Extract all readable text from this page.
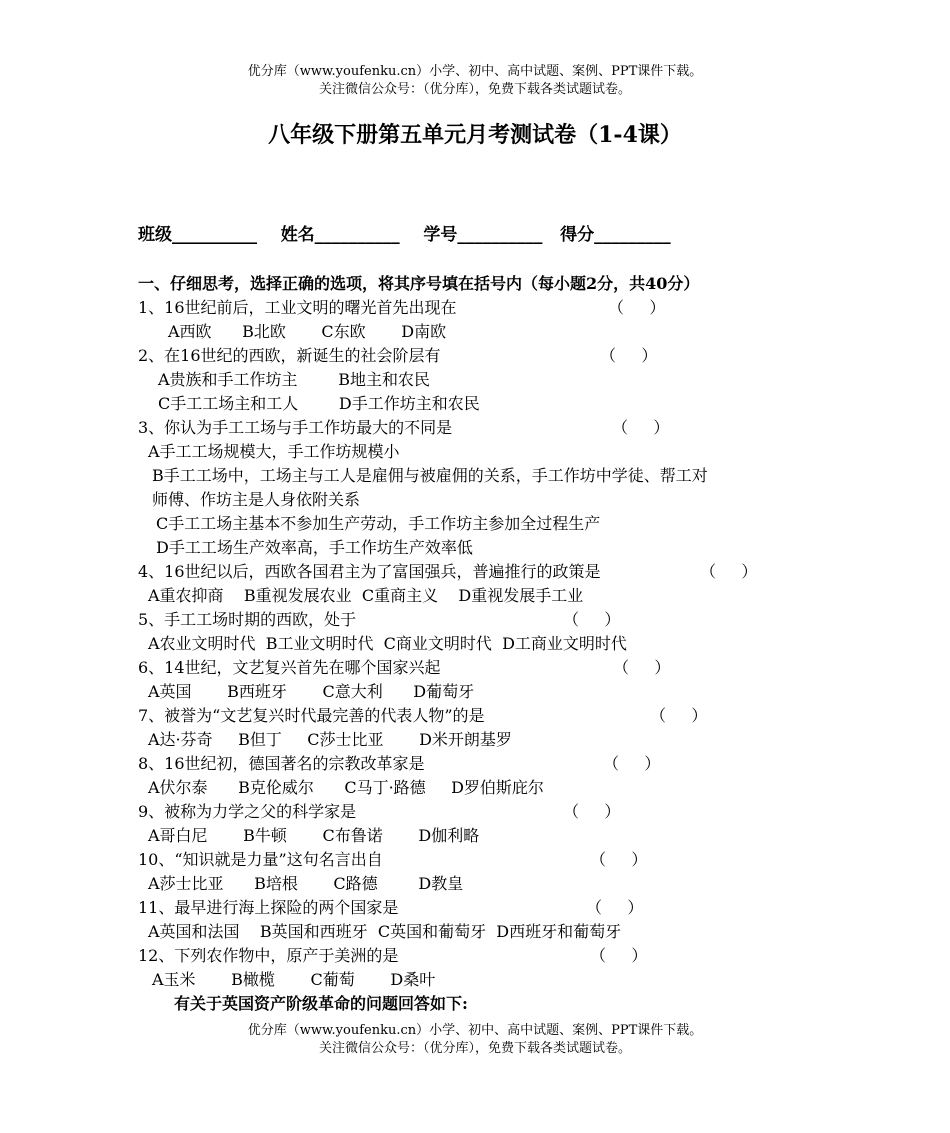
优分库（www.youfenku.cn）小学、初中、高中试题、案例、PPT课件下载。
关注微信公众号：（优分库），免费下载各类试题试卷。
八年级下册第五单元月考测试卷（1-4课）
班级__________ 姓名__________ 学号__________ 得分_________
一、仔细思考，选择正确的选项，将其序号填在括号内（每小题2分，共40分）
1、16世纪前后，工业文明的曙光首先出现在	（     ）
A西欧      B北欧       C东欧       D南欧
2、在16世纪的西欧，新诞生的社会阶层有	（     ）
A贵族和手工作坊主        B地主和农民
C手工工场主和工人        D手工作坊主和农民
3、你认为手工工场与手工作坊最大的不同是	（     ）
A手工工场规模大，手工作坊规模小
B手工工场中，工场主与工人是雇佣与被雇佣的关系，手工作坊中学徒、帮工对
师傅、作坊主是人身依附关系
C手工工场主基本不参加生产劳动，手工作坊主参加全过程生产
D手工工场生产效率高，手工作坊生产效率低
4、16世纪以后，西欧各国君主为了富国强兵，普遍推行的政策是	（     ）
A重农抑商    B重视发展农业  C重商主义    D重视发展手工业
5、手工工场时期的西欧，处于	（     ）
A农业文明时代  B工业文明时代  C商业文明时代  D工商业文明时代
6、14世纪，文艺复兴首先在哪个国家兴起	（     ）
A英国       B西班牙       C意大利      D葡萄牙
7、被誉为“文艺复兴时代最完善的代表人物”的是	（     ）
A达·芬奇     B但丁     C莎士比亚       D米开朗基罗
8、16世纪初，德国著名的宗教改革家是	（     ）
A伏尔泰      B克伦威尔      C马丁·路德     D罗伯斯庇尔
9、被称为力学之父的科学家是	（     ）
A哥白尼       B牛顿       C布鲁诺       D伽利略
10、“知识就是力量”这句名言出自	（     ）
A莎士比亚      B培根       C路德        D教皇
11、最早进行海上探险的两个国家是	（     ）
A英国和法国    B英国和西班牙  C英国和葡萄牙  D西班牙和葡萄牙
12、下列农作物中，原产于美洲的是	（     ）
A玉米       B橄榄       C葡萄       D桑叶
有关于英国资产阶级革命的问题回答如下:
优分库（www.youfenku.cn）小学、初中、高中试题、案例、PPT课件下载。
关注微信公众号：（优分库），免费下载各类试题试卷。
